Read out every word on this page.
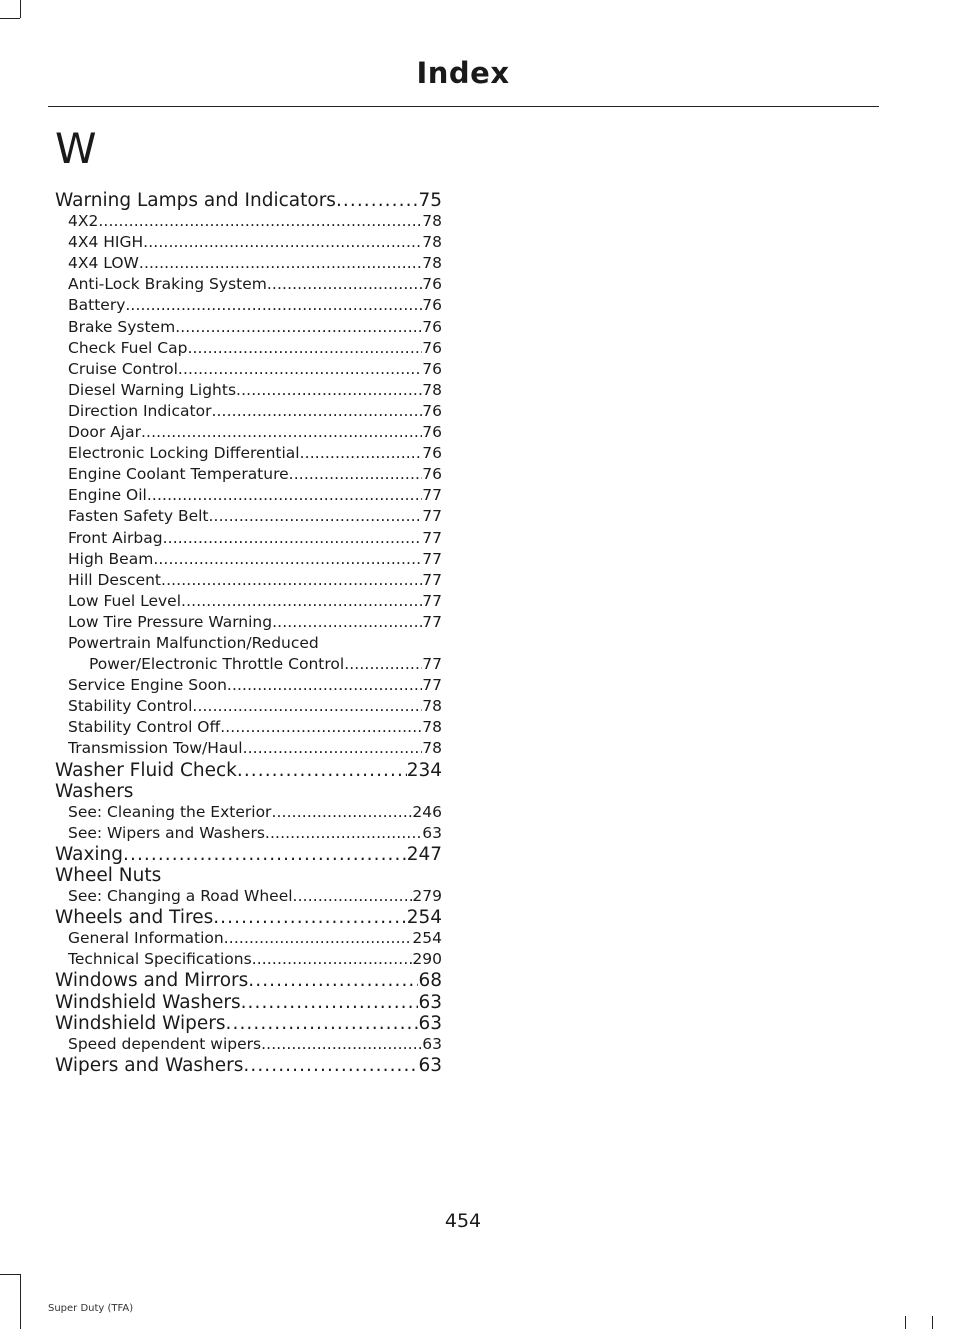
Index
W
Warning Lamps and Indicators . . .	75
4X2 . . .	78
4X4 HIGH . . .	78
4X4 LOW . . .	78
Anti-Lock Braking System . . .	76
Battery . . .	76
Brake System . . .	76
Check Fuel Cap . . .	76
Cruise Control . . .	76
Diesel Warning Lights . . .	78
Direction Indicator . . .	76
Door Ajar . . .	76
Electronic Locking Differential . . .	76
Engine Coolant Temperature . . .	76
Engine Oil . . .	77
Fasten Safety Belt . . .	77
Front Airbag . . .	77
High Beam . . .	77
Hill Descent . . .	77
Low Fuel Level . . .	77
Low Tire Pressure Warning . . .	77
Powertrain Malfunction/Reduced
Power/Electronic Throttle Control . . .	77
Service Engine Soon . . .	77
Stability Control . . .	78
Stability Control Off . . .	78
Transmission Tow/Haul . . .	78
Washer Fluid Check . . .	234
Washers
See: Cleaning the Exterior . . .	246
See: Wipers and Washers . . .	63
Waxing . . .	247
Wheel Nuts
See: Changing a Road Wheel . . .	279
Wheels and Tires . . .	254
General Information . . .	254
Technical Specifications . . .	290
Windows and Mirrors . . .	68
Windshield Washers . . .	63
Windshield Wipers . . .	63
Speed dependent wipers . . .	63
Wipers and Washers . . .	63
454
Super Duty (TFA)
